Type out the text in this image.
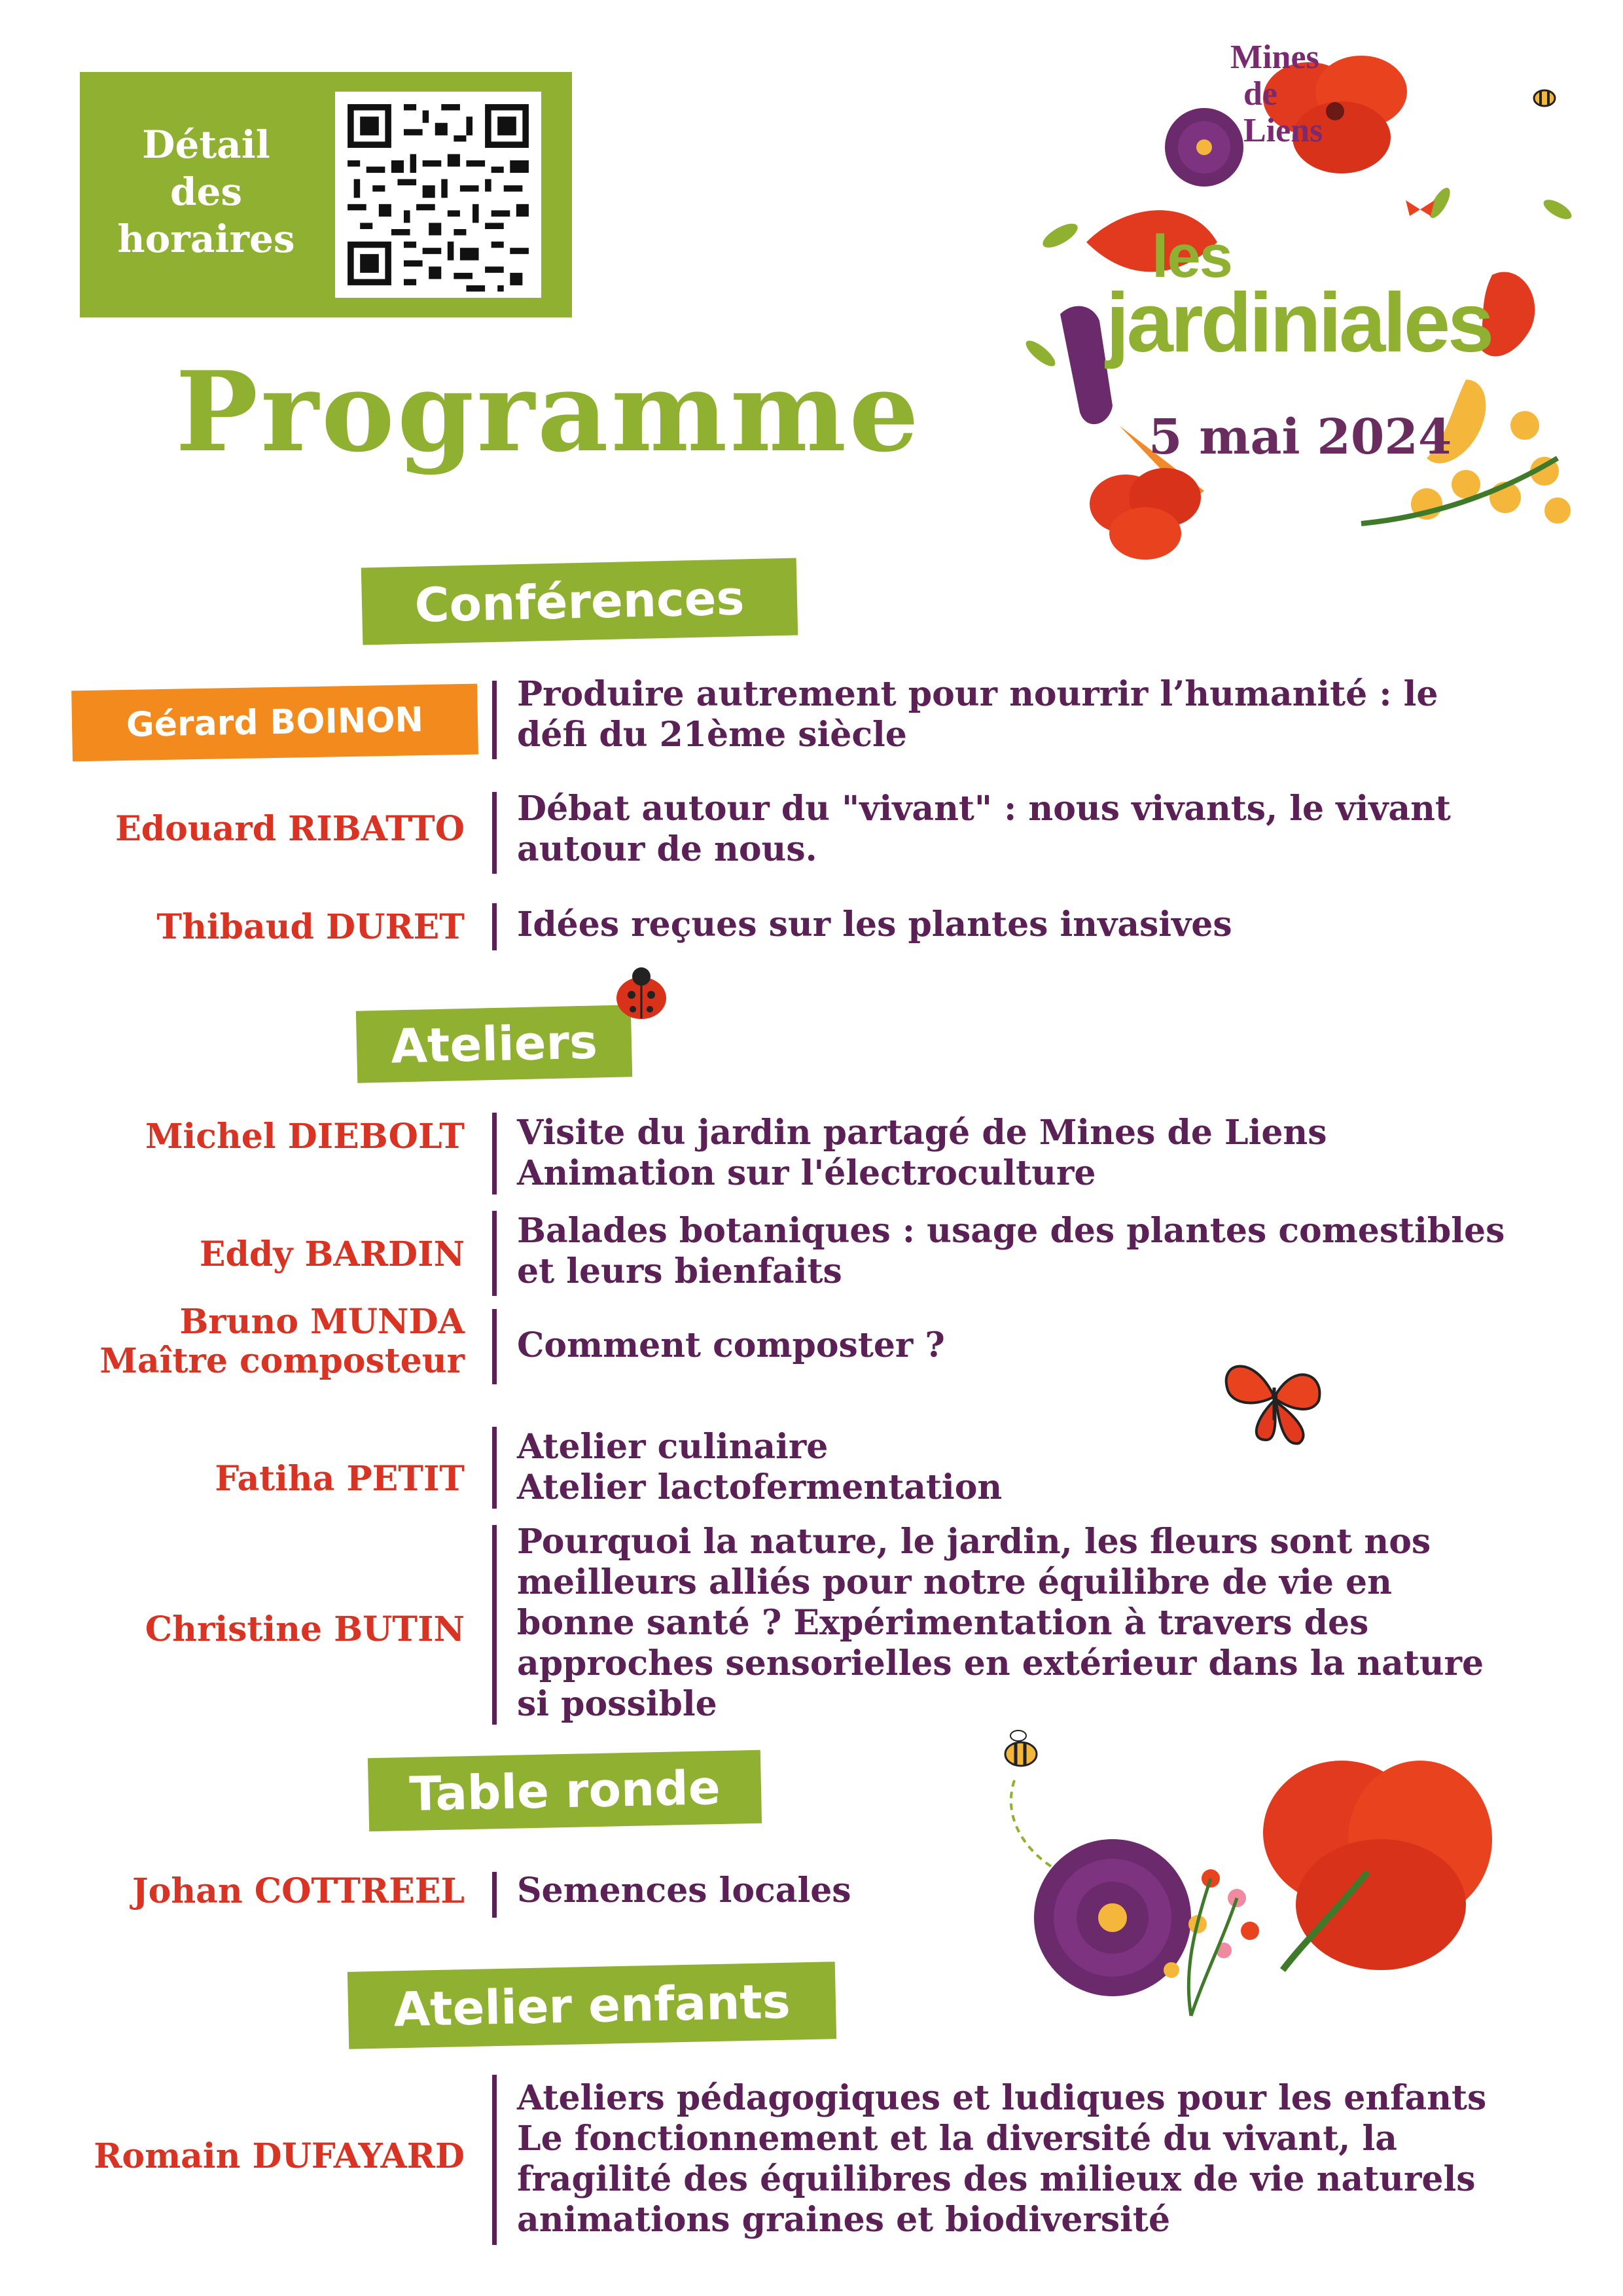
Détail
des
horaires
Programme
Mines
de Liens
les
jardiniales
5 mai 2024
Conférences
Ateliers
Table ronde
Atelier enfants
Gérard BOINON
Produire autrement pour nourrir l’humanité : le
défi du 21ème siècle
Edouard RIBATTO
Débat autour du "vivant" : nous vivants, le vivant
autour de nous.
Thibaud DURET Idées reçues sur les plantes invasives
Michel DIEBOLT Visite du jardin partagé de Mines de Liens
Animation sur l'électroculture
Eddy BARDIN
Balades botaniques : usage des plantes comestibles
et leurs bienfaits
Bruno MUNDA
Maître composteur Comment composter ?
Fatiha PETIT
Atelier culinaire
Atelier lactofermentation
Christine BUTIN
Pourquoi la nature, le jardin, les fleurs sont nos
meilleurs alliés pour notre équilibre de vie en
bonne santé ? Expérimentation à travers des
approches sensorielles en extérieur dans la nature
si possible
Johan COTTREEL Semences locales
Romain DUFAYARD
Ateliers pédagogiques et ludiques pour les enfants
Le fonctionnement et la diversité du vivant, la
fragilité des équilibres des milieux de vie naturels
animations graines et biodiversité
